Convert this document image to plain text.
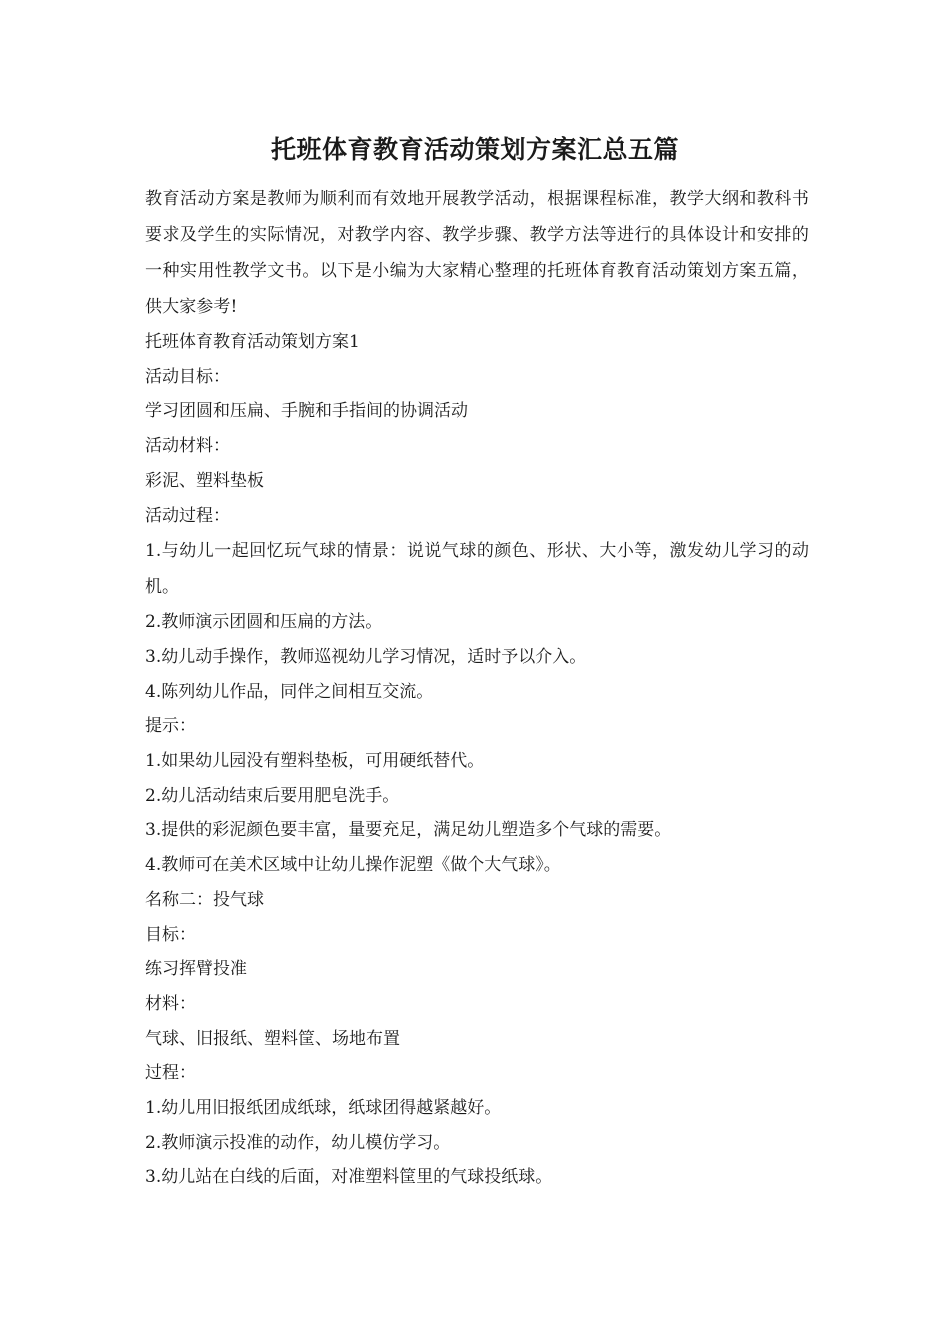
托班体育教育活动策划方案汇总五篇

教育活动方案是教师为顺利而有效地开展教学活动，根据课程标准，教学大纲和教科书要求及学生的实际情况，对教学内容、教学步骤、教学方法等进行的具体设计和安排的一种实用性教学文书。以下是小编为大家精心整理的托班体育教育活动策划方案五篇，供大家参考!

托班体育教育活动策划方案1

活动目标：

学习团圆和压扁、手腕和手指间的协调活动

活动材料：

彩泥、塑料垫板

活动过程：

1.与幼儿一起回忆玩气球的情景：说说气球的颜色、形状、大小等，激发幼儿学习的动机。

2.教师演示团圆和压扁的方法。

3.幼儿动手操作，教师巡视幼儿学习情况，适时予以介入。

4.陈列幼儿作品，同伴之间相互交流。

提示：

1.如果幼儿园没有塑料垫板，可用硬纸替代。

2.幼儿活动结束后要用肥皂洗手。

3.提供的彩泥颜色要丰富，量要充足，满足幼儿塑造多个气球的需要。

4.教师可在美术区域中让幼儿操作泥塑《做个大气球》。

名称二：投气球

目标：

练习挥臂投准

材料：

气球、旧报纸、塑料筐、场地布置

过程：

1.幼儿用旧报纸团成纸球，纸球团得越紧越好。

2.教师演示投准的动作，幼儿模仿学习。

3.幼儿站在白线的后面，对准塑料筐里的气球投纸球。
